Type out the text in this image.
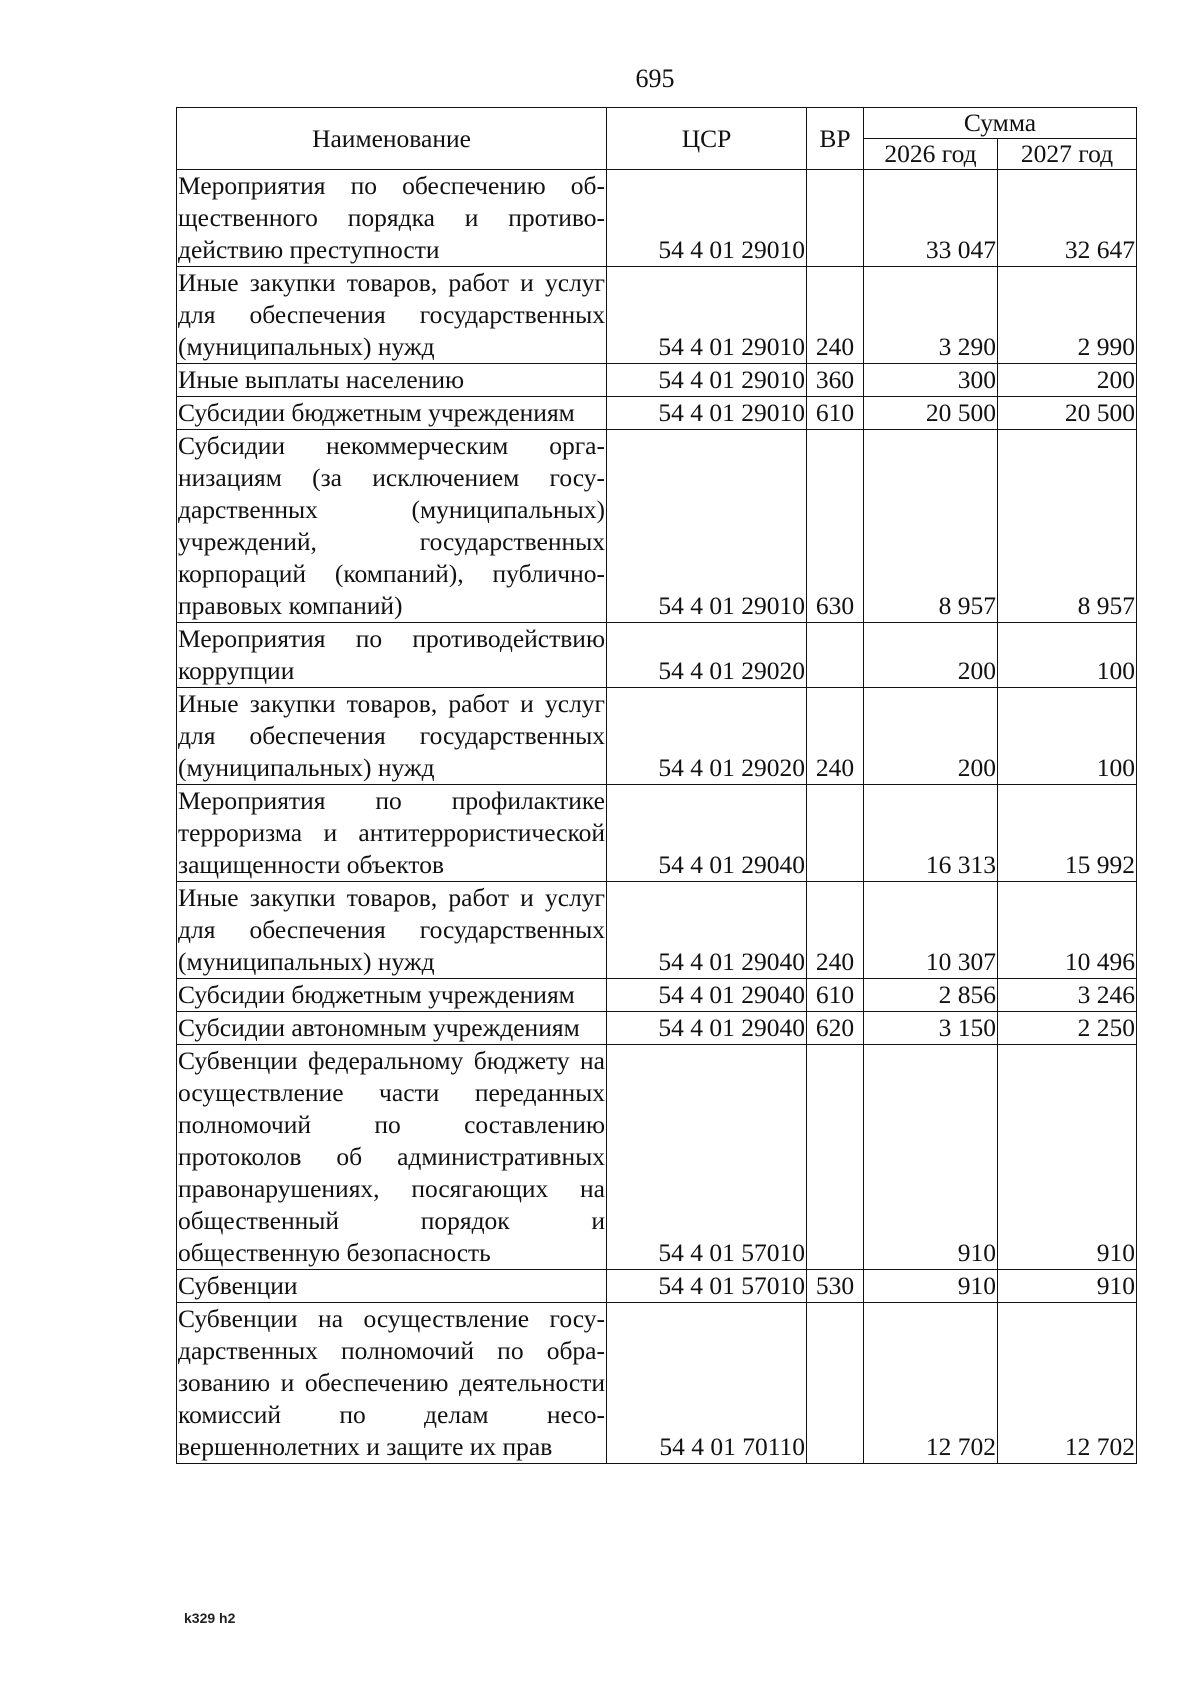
695
Наименование	ЦСР	ВР	Сумма	
			2026 год	2027 год
Мероприятия по обеспечению общественного порядка и противодействию преступности	54 4 01 29010		33 047	32 647
Иные закупки товаров, работ и услуг для обеспечения государственных (муниципальных) нужд	54 4 01 29010	240	3 290	2 990
Иные выплаты населению	54 4 01 29010	360	300	200
Субсидии бюджетным учреждениям	54 4 01 29010	610	20 500	20 500
Субсидии некоммерческим организациям (за исключением государственных (муниципальных) учреждений, государственных корпораций (компаний), публично-правовых компаний)	54 4 01 29010	630	8 957	8 957
Мероприятия по противодействию коррупции	54 4 01 29020		200	100
Иные закупки товаров, работ и услуг для обеспечения государственных (муниципальных) нужд	54 4 01 29020	240	200	100
Мероприятия по профилактике терроризма и антитеррористической защищенности объектов	54 4 01 29040		16 313	15 992
Иные закупки товаров, работ и услуг для обеспечения государственных (муниципальных) нужд	54 4 01 29040	240	10 307	10 496
Субсидии бюджетным учреждениям	54 4 01 29040	610	2 856	3 246
Субсидии автономным учреждениям	54 4 01 29040	620	3 150	2 250
Субвенции федеральному бюджету на осуществление части переданных полномочий по составлению протоколов об административных правонарушениях, посягающих на общественный порядок и общественную безопасность	54 4 01 57010		910	910
Субвенции	54 4 01 57010	530	910	910
Субвенции на осуществление государственных полномочий по образованию и обеспечению деятельности комиссий по делам несовершеннолетних и защите их прав	54 4 01 70110		12 702	12 702
k329 h2
